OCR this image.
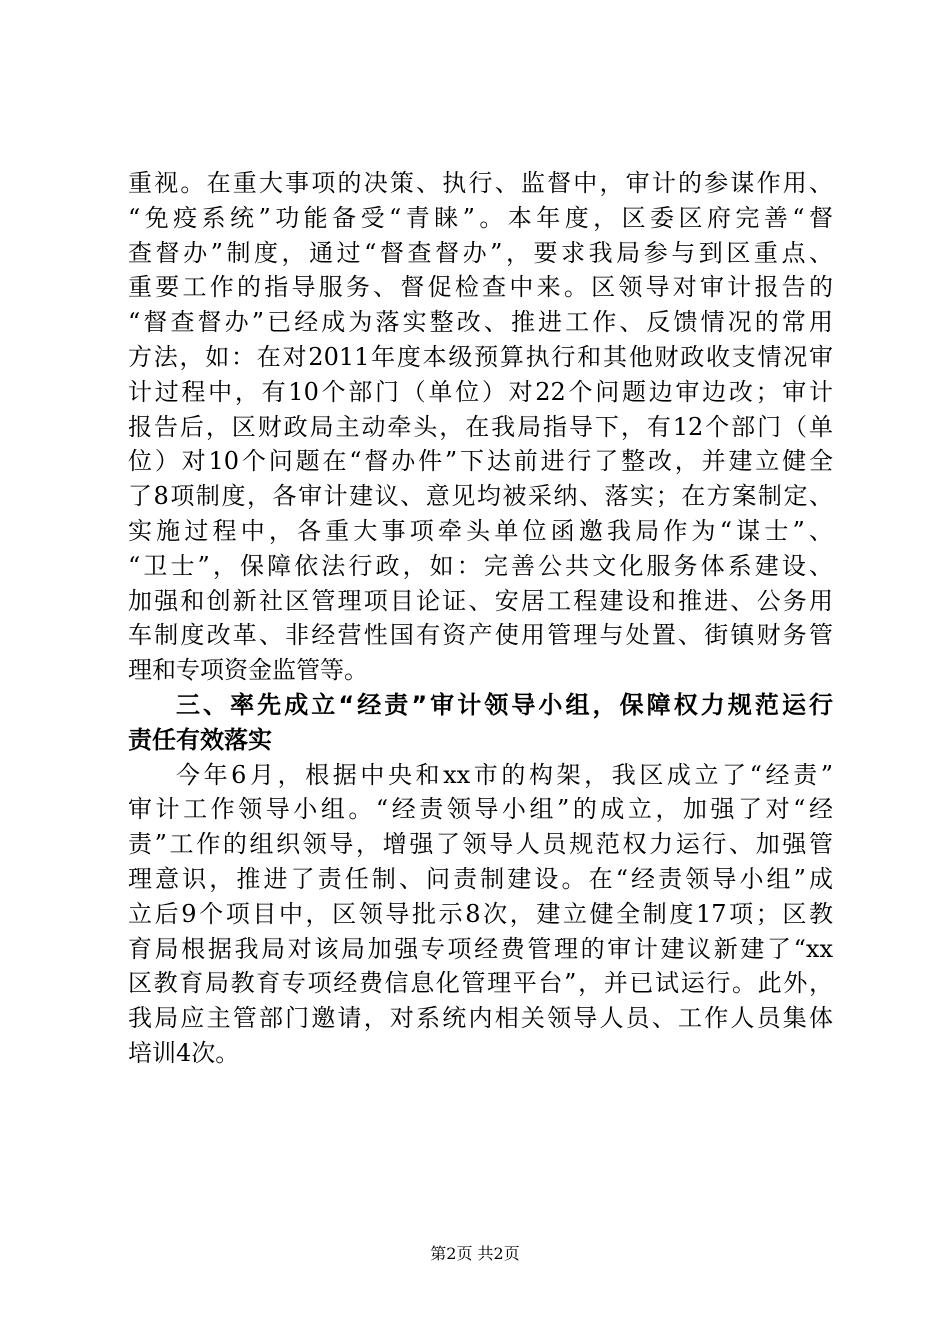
重视。在重大事项的决策、执行、监督中，审计的参谋作用、
“免疫系统”功能备受“青睐”。本年度，区委区府完善“督
查督办”制度，通过“督查督办”，要求我局参与到区重点、
重要工作的指导服务、督促检查中来。区领导对审计报告的
“督查督办”已经成为落实整改、推进工作、反馈情况的常用
方法，如：在对2011年度本级预算执行和其他财政收支情况审
计过程中，有10个部门（单位）对22个问题边审边改；审计
报告后，区财政局主动牵头，在我局指导下，有12个部门（单
位）对10个问题在“督办件”下达前进行了整改，并建立健全
了8项制度，各审计建议、意见均被采纳、落实；在方案制定、
实施过程中，各重大事项牵头单位函邀我局作为“谋士”、
“卫士”，保障依法行政，如：完善公共文化服务体系建设、
加强和创新社区管理项目论证、安居工程建设和推进、公务用
车制度改革、非经营性国有资产使用管理与处置、街镇财务管
理和专项资金监管等。
三、率先成立“经责”审计领导小组，保障权力规范运行
责任有效落实
今年6月，根据中央和xx市的构架，我区成立了“经责”
审计工作领导小组。“经责领导小组”的成立，加强了对“经
责”工作的组织领导，增强了领导人员规范权力运行、加强管
理意识，推进了责任制、问责制建设。在“经责领导小组”成
立后9个项目中，区领导批示8次，建立健全制度17项；区教
育局根据我局对该局加强专项经费管理的审计建议新建了“xx
区教育局教育专项经费信息化管理平台”，并已试运行。此外，
我局应主管部门邀请，对系统内相关领导人员、工作人员集体
培训4次。
第2页 共2页
